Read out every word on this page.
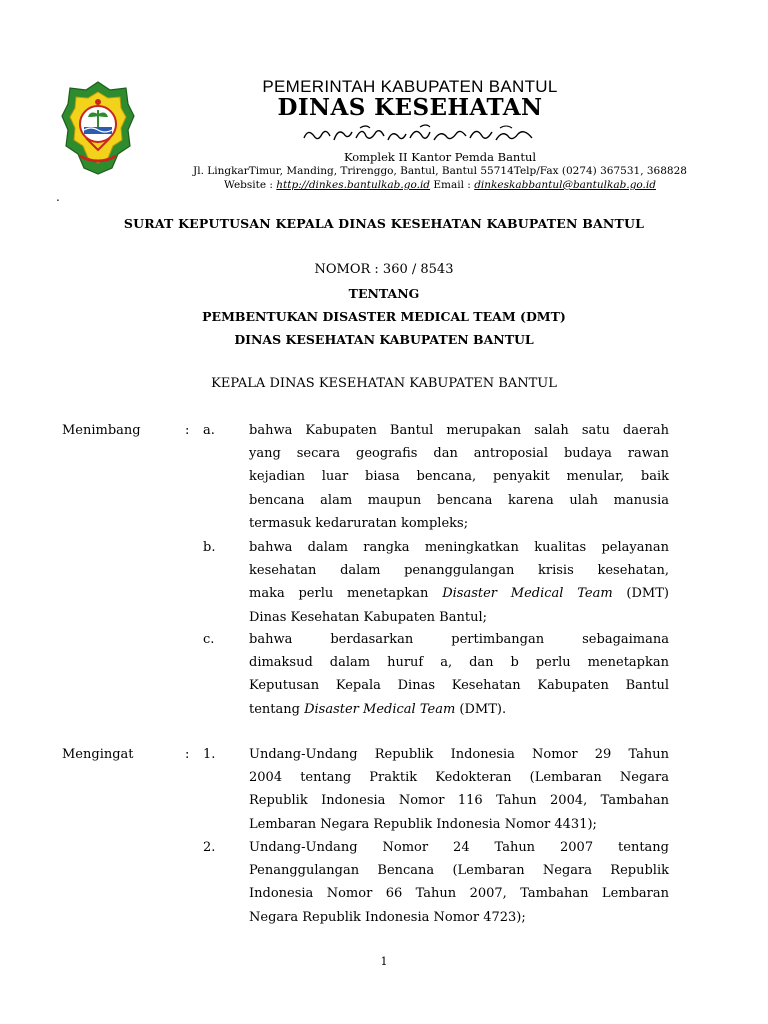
PEMERINTAH KABUPATEN BANTUL
DINAS KESEHATAN
Komplek II Kantor Pemda Bantul
Jl. LingkarTimur, Manding, Trirenggo, Bantul, Bantul 55714Telp/Fax (0274) 367531, 368828
Website : http://dinkes.bantulkab.go.id Email : dinkeskabbantul@bantulkab.go.id
.
SURAT KEPUTUSAN KEPALA DINAS KESEHATAN KABUPATEN BANTUL
NOMOR : 360 / 8543
TENTANG
PEMBENTUKAN DISASTER MEDICAL TEAM (DMT)
DINAS KESEHATAN KABUPATEN BANTUL
KEPALA DINAS KESEHATAN KABUPATEN BANTUL
Menimbang	: a.	bahwa Kabupaten Bantul merupakan salah satu daerah
yang secara geografis dan antroposial budaya rawan
kejadian luar biasa bencana, penyakit menular, baik
bencana alam maupun bencana karena ulah manusia
termasuk kedaruratan kompleks;
b.	bahwa dalam rangka meningkatkan kualitas pelayanan
kesehatan dalam penanggulangan krisis kesehatan,
maka perlu menetapkan Disaster Medical Team (DMT)
Dinas Kesehatan Kabupaten Bantul;
c.	bahwa berdasarkan pertimbangan sebagaimana
dimaksud dalam huruf a, dan b perlu menetapkan
Keputusan Kepala Dinas Kesehatan Kabupaten Bantul
tentang Disaster Medical Team (DMT).
Mengingat	: 1.	Undang-Undang Republik Indonesia Nomor 29 Tahun
2004 tentang Praktik Kedokteran (Lembaran Negara
Republik Indonesia Nomor 116 Tahun 2004, Tambahan
Lembaran Negara Republik Indonesia Nomor 4431);
2.	Undang-Undang Nomor 24 Tahun 2007 tentang
Penanggulangan Bencana (Lembaran Negara Republik
Indonesia Nomor 66 Tahun 2007, Tambahan Lembaran
Negara Republik Indonesia Nomor 4723);
1
